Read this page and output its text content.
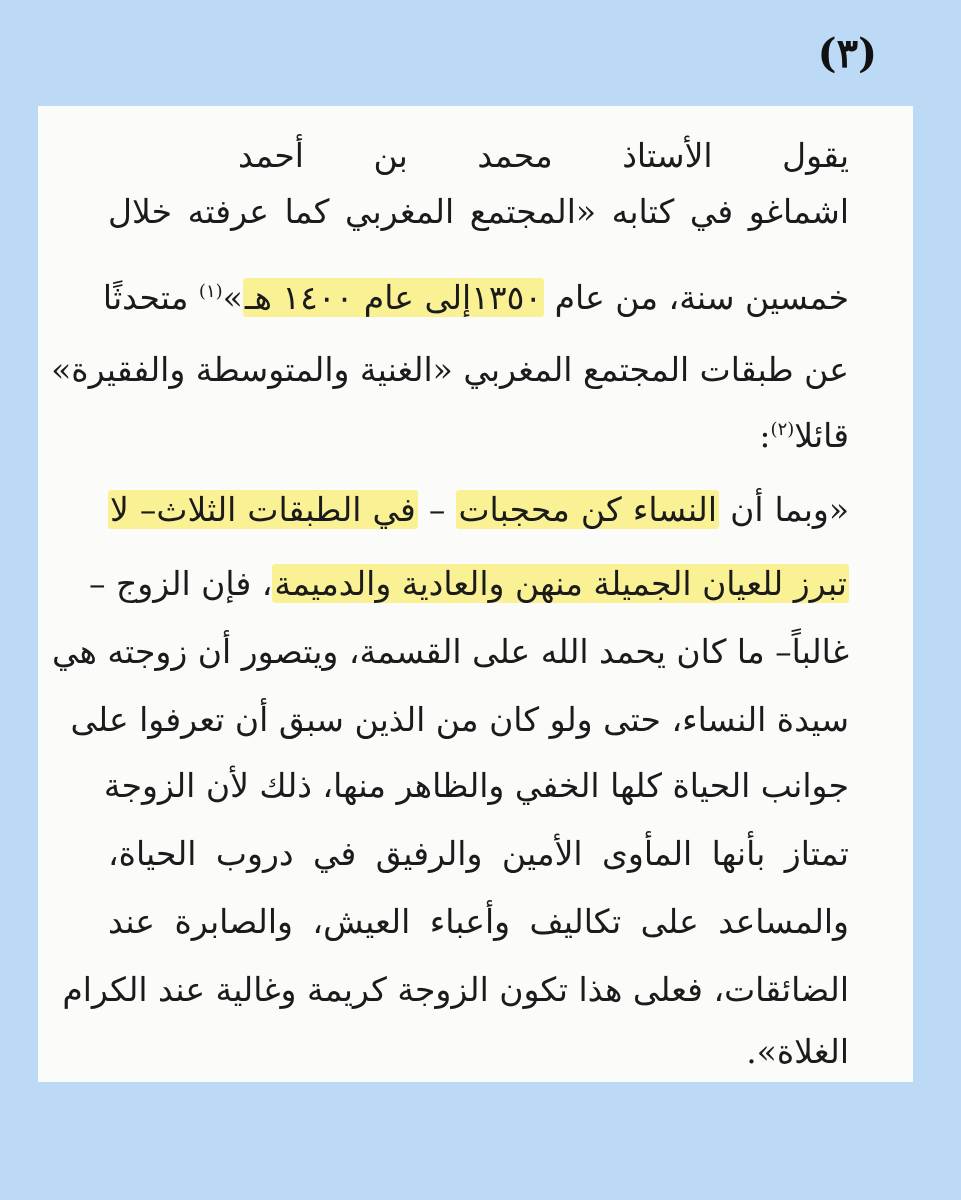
(٣)
يقول الأستاذ محمد بن أحمد
اشماغو في كتابه «المجتمع المغربي كما عرفته خلال
خمسين سنة، من عام ١٣٥٠إلى عام ١٤٠٠ هـ»$^{(١)}$ متحدثًا
عن طبقات المجتمع المغربي «الغنية والمتوسطة والفقيرة»
قائلا$^{(٢)}$:
«وبما أن النساء كن محجبات – في الطبقات الثلاث– لا
تبرز للعيان الجميلة منهن والعادية والدميمة، فإن الزوج –
غالباً– ما كان يحمد الله على القسمة، ويتصور أن زوجته هي
سيدة النساء، حتى ولو كان من الذين سبق أن تعرفوا على
جوانب الحياة كلها الخفي والظاهر منها، ذلك لأن الزوجة
تمتاز بأنها المأوى الأمين والرفيق في دروب الحياة،
والمساعد على تكاليف وأعباء العيش، والصابرة عند
الضائقات، فعلى هذا تكون الزوجة كريمة وغالية عند الكرام
الغلاة».
